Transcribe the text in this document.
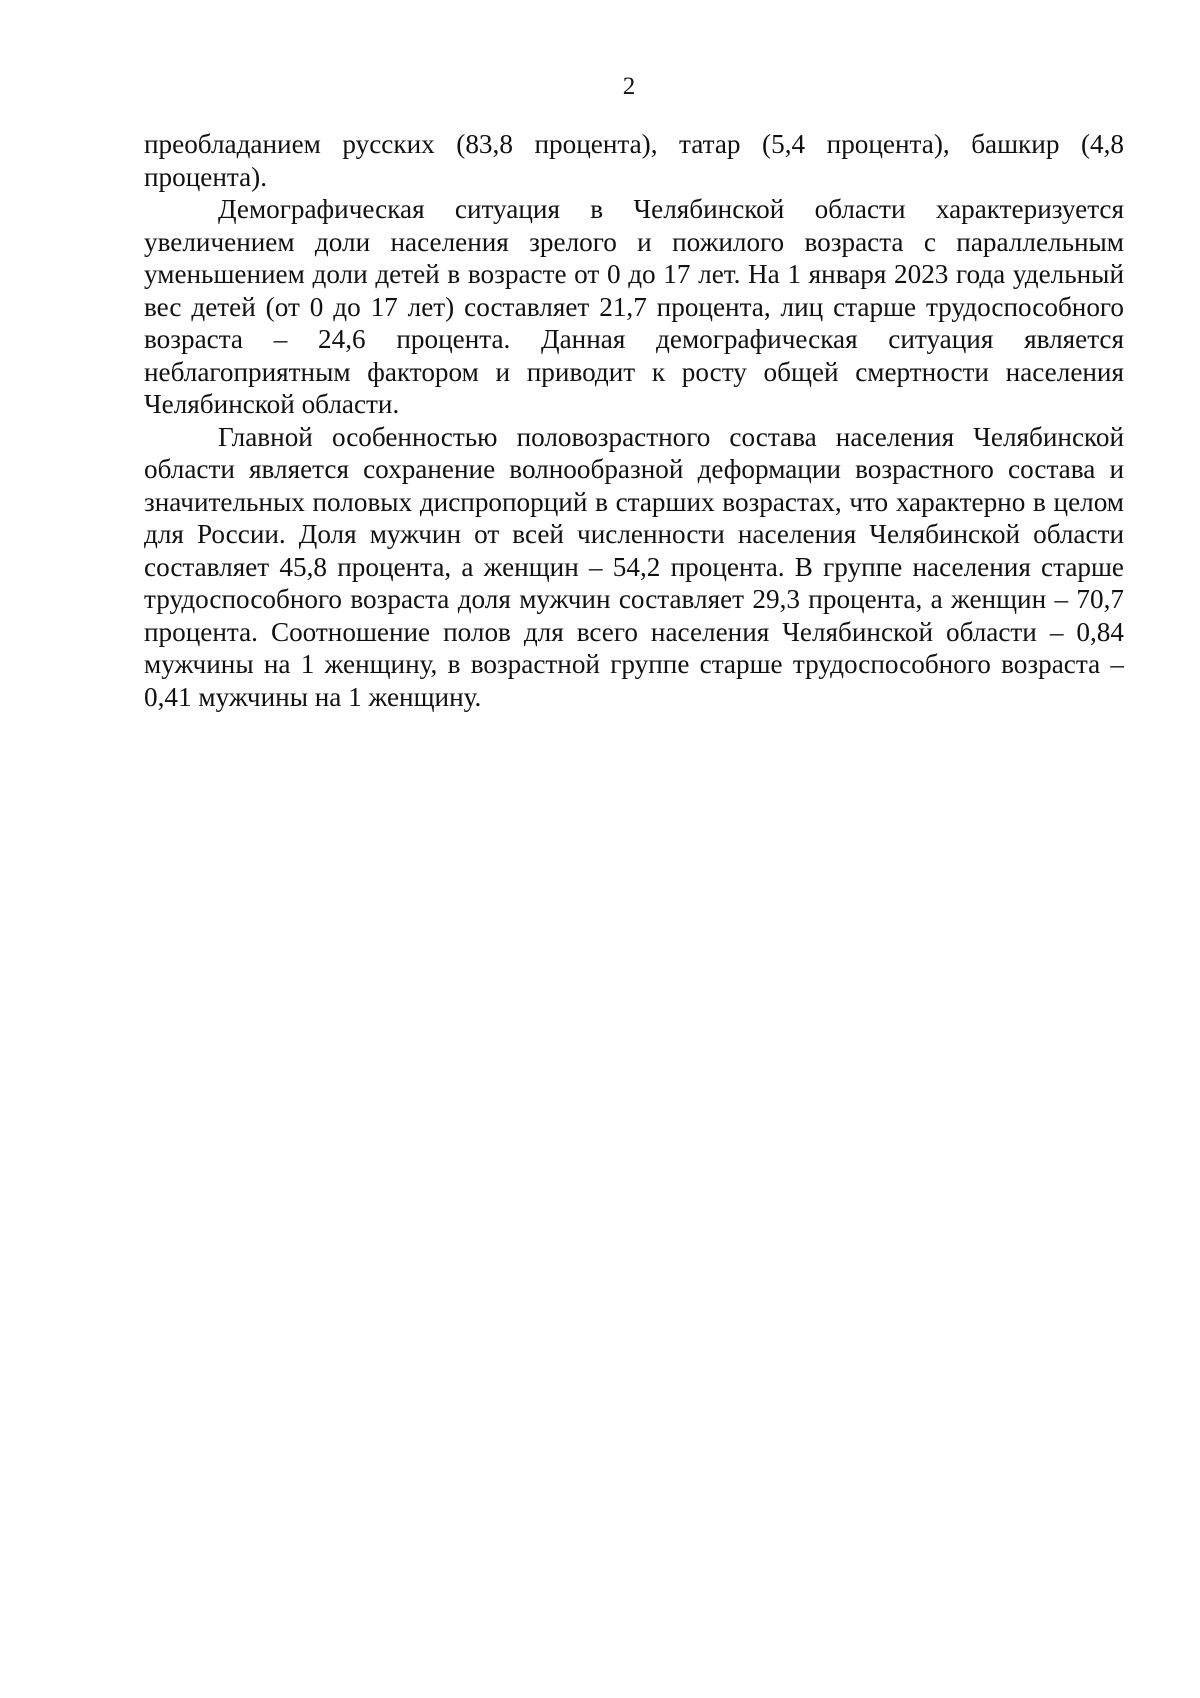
2

преобладанием русских (83,8 процента), татар (5,4 процента), башкир (4,8 процента).

Демографическая ситуация в Челябинской области характеризуется увеличением доли населения зрелого и пожилого возраста с параллельным уменьшением доли детей в возрасте от 0 до 17 лет. На 1 января 2023 года удельный вес детей (от 0 до 17 лет) составляет 21,7 процента, лиц старше трудоспособного возраста – 24,6 процента. Данная демографическая ситуация является неблагоприятным фактором и приводит к росту общей смертности населения Челябинской области.

Главной особенностью половозрастного состава населения Челябинской области является сохранение волнообразной деформации возрастного состава и значительных половых диспропорций в старших возрастах, что характерно в целом для России. Доля мужчин от всей численности населения Челябинской области составляет 45,8 процента, а женщин – 54,2 процента. В группе населения старше трудоспособного возраста доля мужчин составляет 29,3 процента, а женщин – 70,7 процента. Соотношение полов для всего населения Челябинской области – 0,84 мужчины на 1 женщину, в возрастной группе старше трудоспособного возраста – 0,41 мужчины на 1 женщину.
